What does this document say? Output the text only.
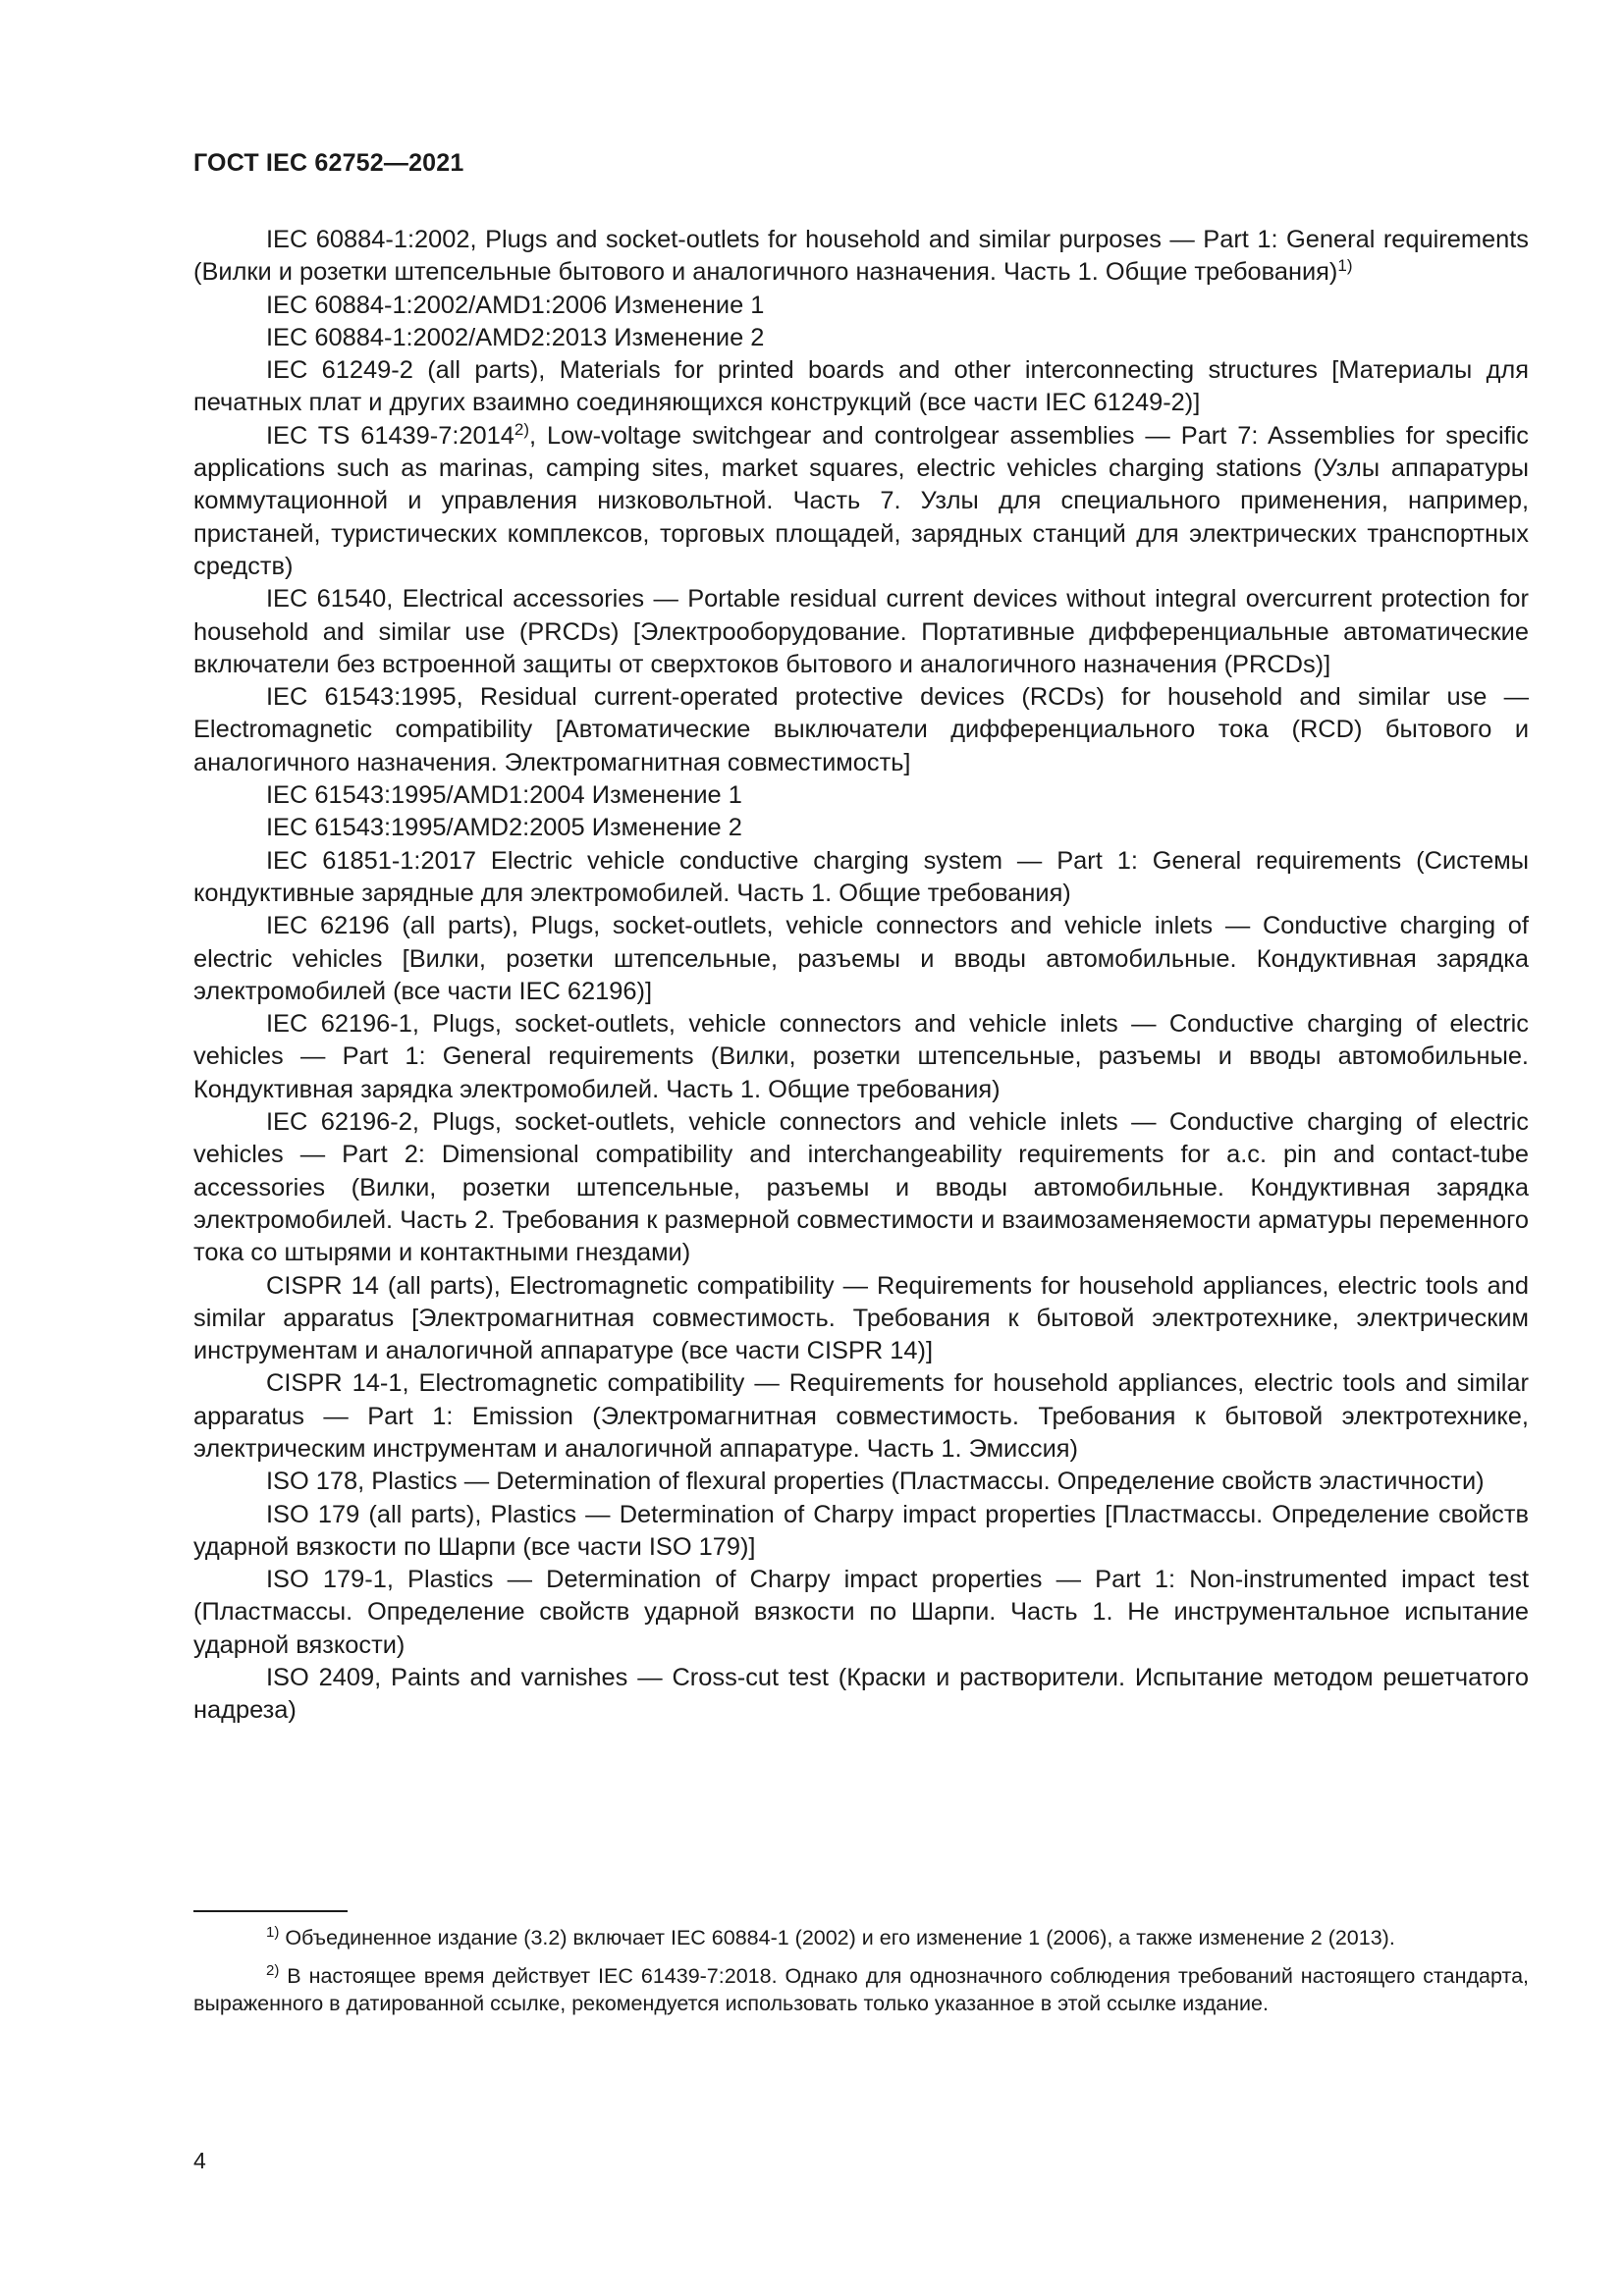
ГОСТ IEC 62752—2021

IEC 60884-1:2002, Plugs and socket-outlets for household and similar purposes — Part 1: General requirements (Вилки и розетки штепсельные бытового и аналогичного назначения. Часть 1. Общие требования)$^{1)}$

IEC 60884-1:2002/AMD1:2006 Изменение 1

IEC 60884-1:2002/AMD2:2013 Изменение 2

IEC 61249-2 (all parts), Materials for printed boards and other interconnecting structures [Материалы для печатных плат и других взаимно соединяющихся конструкций (все части IEC 61249-2)]

IEC TS 61439-7:2014$^{2)}$, Low-voltage switchgear and controlgear assemblies — Part 7: Assemblies for specific applications such as marinas, camping sites, market squares, electric vehicles charging stations (Узлы аппаратуры коммутационной и управления низковольтной. Часть 7. Узлы для специального применения, например, пристаней, туристических комплексов, торговых площадей, зарядных станций для электрических транспортных средств)

IEC 61540, Electrical accessories — Portable residual current devices without integral overcurrent protection for household and similar use (PRCDs) [Электрооборудование. Портативные дифференциальные автоматические включатели без встроенной защиты от сверхтоков бытового и аналогичного назначения (PRCDs)]

IEC 61543:1995, Residual current-operated protective devices (RCDs) for household and similar use — Electromagnetic compatibility [Автоматические выключатели дифференциального тока (RCD) бытового и аналогичного назначения. Электромагнитная совместимость]

IEC 61543:1995/AMD1:2004 Изменение 1

IEC 61543:1995/AMD2:2005 Изменение 2

IEC 61851-1:2017 Electric vehicle conductive charging system — Part 1: General requirements (Системы кондуктивные зарядные для электромобилей. Часть 1. Общие требования)

IEC 62196 (all parts), Plugs, socket-outlets, vehicle connectors and vehicle inlets — Conductive charging of electric vehicles [Вилки, розетки штепсельные, разъемы и вводы автомобильные. Кондуктивная зарядка электромобилей (все части IEC 62196)]

IEC 62196-1, Plugs, socket-outlets, vehicle connectors and vehicle inlets — Conductive charging of electric vehicles — Part 1: General requirements (Вилки, розетки штепсельные, разъемы и вводы автомобильные. Кондуктивная зарядка электромобилей. Часть 1. Общие требования)

IEC 62196-2, Plugs, socket-outlets, vehicle connectors and vehicle inlets — Conductive charging of electric vehicles — Part 2: Dimensional compatibility and interchangeability requirements for a.c. pin and contact-tube accessories (Вилки, розетки штепсельные, разъемы и вводы автомобильные. Кондуктивная зарядка электромобилей. Часть 2. Требования к размерной совместимости и взаимозаменяемости арматуры переменного тока со штырями и контактными гнездами)

CISPR 14 (all parts), Electromagnetic compatibility — Requirements for household appliances, electric tools and similar apparatus [Электромагнитная совместимость. Требования к бытовой электротехнике, электрическим инструментам и аналогичной аппаратуре (все части CISPR 14)]

CISPR 14-1, Electromagnetic compatibility — Requirements for household appliances, electric tools and similar apparatus — Part 1: Emission (Электромагнитная совместимость. Требования к бытовой электротехнике, электрическим инструментам и аналогичной аппаратуре. Часть 1. Эмиссия)

ISO 178, Plastics — Determination of flexural properties (Пластмассы. Определение свойств эластичности)

ISO 179 (all parts), Plastics — Determination of Charpy impact properties [Пластмассы. Определение свойств ударной вязкости по Шарпи (все части ISO 179)]

ISO 179-1, Plastics — Determination of Charpy impact properties — Part 1: Non-instrumented impact test (Пластмассы. Определение свойств ударной вязкости по Шарпи. Часть 1. Не инструментальное испытание ударной вязкости)

ISO 2409, Paints and varnishes — Cross-cut test (Краски и растворители. Испытание методом решетчатого надреза)

$^{1)}$ Объединенное издание (3.2) включает IEC 60884-1 (2002) и его изменение 1 (2006), а также изменение 2 (2013).

$^{2)}$ В настоящее время действует IEC 61439-7:2018. Однако для однозначного соблюдения требований настоящего стандарта, выраженного в датированной ссылке, рекомендуется использовать только указанное в этой ссылке издание.

4
